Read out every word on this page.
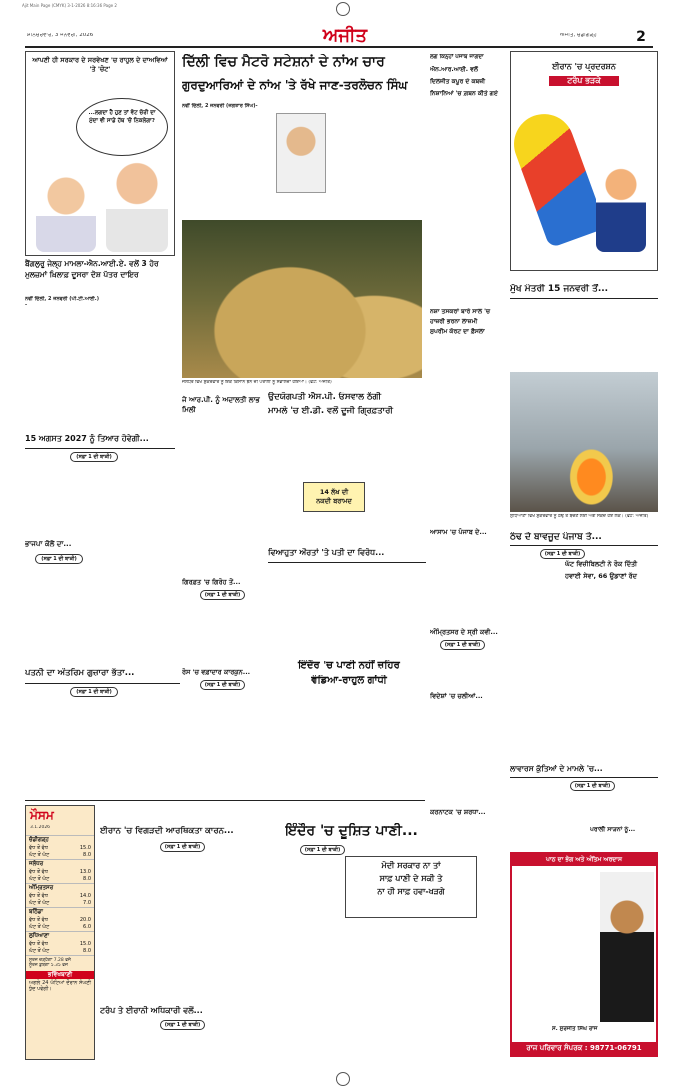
Ajit Main Page (CMYK) 3-1-2026 8:16:36 Page 2
ਸ਼ਨਿੱਚਰਵਾਰ, 3 ਜਨਵਰੀ, 2026	ਅਜੀਤ	ਅਜੀਤ, ਚੰਡੀਗੜ੍ਹ	2
ਆਪਣੀ ਹੀ ਸਰਕਾਰ ਦੇ ਸਰਵੇਖਣ 'ਚ ਰਾਹੁਲ ਦੇ ਦਾਅਵਿਆਂ 'ਤੇ 'ਚੋਟ'
...ਲਗਦਾ ਹੈ ਹੁਣ ਤਾਂ ਵੋਟ ਚੋਰੀ ਦਾ ਮੁੱਦਾ ਵੀ ਸਾਡੇ ਹੱਥ 'ਚੋਂ ਨਿਕਲੇਗਾ?
ਦਿੱਲੀ ਵਿਚ ਮੈਟਰੋ ਸਟੇਸ਼ਨਾਂ ਦੇ ਨਾਂਅ ਚਾਰ
ਗੁਰਦੁਆਰਿਆਂ ਦੇ ਨਾਂਅ 'ਤੇ ਰੱਖੇ ਜਾਣ-ਤਰਲੋਚਨ ਸਿੰਘ
ਨਵੀਂ ਦਿੱਲੀ, 2 ਜਨਵਰੀ (ਜਗਤਾਰ ਸਿੰਘ)-
ਜਲੰਧਰ ਵਿਖੇ ਸ਼ੁੱਕਰਵਾਰ ਨੂੰ ਇਕ ਕਿਸਾਨ ਝੋਨੇ ਦੀ ਪਰਾਲੀ ਨੂੰ ਸੰਭਾਲਦਾ ਹੋਇਆ। (ਫੋਟੋ: ਅਜੀਤ)
ਬੈਂਗਲੁਰੂ ਜੇਲ੍ਹ ਮਾਮਲਾ-ਐਨ.ਆਈ.ਏ. ਵਲੋਂ 3 ਹੋਰ ਮੁਲਜ਼ਮਾਂ ਖ਼ਿਲਾਫ਼ ਦੂਸਰਾ ਦੋਸ਼ ਪੱਤਰ ਦਾਇਰ
ਨਵੀਂ ਦਿੱਲੀ, 2 ਜਨਵਰੀ (ਪੀ.ਟੀ.ਆਈ.)-
15 ਅਗਸਤ 2027 ਨੂੰ ਤਿਆਰ ਹੋਵੇਗੀ...
(ਸਫ਼ਾ 1 ਦੀ ਬਾਕੀ)
ਭਾਜਪਾ ਕੋਲੋਂ ਦਾ...
(ਸਫ਼ਾ 1 ਦੀ ਬਾਕੀ)
ਪਤਨੀ ਦਾ ਅੰਤਰਿਮ ਗੁਜ਼ਾਰਾ ਭੱਤਾ...
(ਸਫ਼ਾ 1 ਦੀ ਬਾਕੀ)
ਜੇ ਆਰ.ਪੀ. ਨੂੰ ਅਦਾਲਤੀ ਲਾਭ ਮਿਲੀ
ਉਦਯੋਗਪਤੀ ਐਸ.ਪੀ. ਓਸਵਾਲ ਠੱਗੀ
ਮਾਮਲੇ 'ਚ ਈ.ਡੀ. ਵਲੋਂ ਦੂਜੀ ਗ੍ਰਿਫ਼ਤਾਰੀ
14 ਲੱਖ ਦੀ
ਨਕਦੀ ਬਰਾਮਦ
ਗਿਰਫ਼ਤ 'ਚ ਗਿਰੋਹ ਤੋਂ...
(ਸਫ਼ਾ 1 ਦੀ ਬਾਕੀ)
ਵਿਆਹੁਤਾ ਔਰਤਾਂ 'ਤੇ ਪਤੀ ਦਾ ਵਿਰੋਧ...
ਰੋਸ 'ਚ ਵਫ਼ਾਦਾਰ ਕਾਰਕੁਨ...
(ਸਫ਼ਾ 1 ਦੀ ਬਾਕੀ)
ਇੰਦੌਰ 'ਚ ਪਾਣੀ ਨਹੀਂ ਜ਼ਹਿਰ
ਵੰਡਿਆ-ਰਾਹੁਲ ਗਾਂਧੀ
ਲਗ ਕਿਨ੍ਹਾਂ ਪੰਜਾਬ ਜਾਗਦਾ
ਐਨ.ਆਰ.ਆਈ. ਵਲੋਂ
ਦਿਲਜੀਤ ਕਪੂਰ ਦੇ ਕਬਜ਼ੀ
ਨਿਸ਼ਾਨਿਆਂ 'ਚ ਗ਼ਬਨ ਕੀਤੇ ਗਏ
ਨਸ਼ਾ ਤਸਕਰਾਂ ਬਾਰੇ ਸਾਲ 'ਚ
ਹਾਜ਼ਰੀ ਭਰਨਾ ਲਾਜ਼ਮੀ
ਸੁਪਰੀਮ ਕੋਰਟ ਦਾ ਫ਼ੈਸਲਾ
ਆਸਾਮ 'ਚ ਪੰਜਾਬ ਦੇ...
ਅੰਮ੍ਰਿਤਸਰ ਦੇ ਸ੍ਰੀ ਕਵੀ...
(ਸਫ਼ਾ 1 ਦੀ ਬਾਕੀ)
ਵਿਦੇਸ਼ਾਂ 'ਚ ਚਲੀਆਂ...
ਈਰਾਨ 'ਚ ਪ੍ਰਦਰਸ਼ਨ
ਟਰੰਪ ਭੜਕੇ
ਮੁੱਖ ਮੰਤਰੀ 15 ਜਨਵਰੀ ਤੋਂ...
ਲੁਧਿਆਣਾ ਵਿਖੇ ਸ਼ੁੱਕਰਵਾਰ ਨੂੰ ਠੰਢ ਤੋਂ ਬਚਣ ਲਈ ਅੱਗ ਸੇਕਦੇ ਹੋਏ ਲੋਕ। (ਫੋਟੋ: ਅਜੀਤ)
ਠੰਢ ਦੇ ਬਾਵਜੂਦ ਪੰਜਾਬ ਤੇ...
(ਸਫ਼ਾ 1 ਦੀ ਬਾਕੀ)
ਘੱਟ ਵਿਜ਼ੀਬਿਲਟੀ ਨੇ ਰੋਕ ਦਿੱਤੀ
ਹਵਾਈ ਸੇਵਾ, 66 ਉਡਾਣਾਂ ਰੱਦ
ਲਾਵਾਰਸ ਕੁੱਤਿਆਂ ਦੇ ਮਾਮਲੇ 'ਚ...
(ਸਫ਼ਾ 1 ਦੀ ਬਾਕੀ)
ਪਰਾਲੀ ਸਾੜਨਾਂ ਨੂੰ...
ਕਰਨਾਟਕ 'ਚ ਸ਼ਰਧਾ...
ਮੌਸਮ
3.1.2026
ਚੰਡੀਗੜ੍ਹ
ਵੱਧ ਤੋਂ ਵੱਧ	15.0
ਘੱਟ ਤੋਂ ਘੱਟ	8.0
ਜਲੰਧਰ
ਵੱਧ ਤੋਂ ਵੱਧ	13.0
ਘੱਟ ਤੋਂ ਘੱਟ	8.0
ਅੰਮ੍ਰਿਤਸਰ
ਵੱਧ ਤੋਂ ਵੱਧ	14.0
ਘੱਟ ਤੋਂ ਘੱਟ	7.0
ਬਠਿੰਡਾ
ਵੱਧ ਤੋਂ ਵੱਧ	20.0
ਘੱਟ ਤੋਂ ਘੱਟ	6.0
ਲੁਧਿਆਣਾ
ਵੱਧ ਤੋਂ ਵੱਧ	15.0
ਘੱਟ ਤੋਂ ਘੱਟ	8.0
ਸੂਰਜ ਚੜ੍ਹੇਗਾ 7.28 ਵਜੇ
ਸੂਰਜ ਡੁੱਬੇਗਾ 5.35 ਵਜੇ
ਭਵਿੱਖਬਾਣੀ
ਅਗਲੇ 24 ਘੰਟਿਆਂ ਦੌਰਾਨ ਸੰਘਣੀ ਧੁੰਦ ਪਵੇਗੀ।
ਈਰਾਨ 'ਚ ਵਿਗੜਦੀ ਆਰਥਿਕਤਾ ਕਾਰਨ...
(ਸਫ਼ਾ 1 ਦੀ ਬਾਕੀ)
ਟਰੰਪ ਤੇ ਈਰਾਨੀ ਅਧਿਕਾਰੀ ਵਲੋਂ...
(ਸਫ਼ਾ 1 ਦੀ ਬਾਕੀ)
ਇੰਦੌਰ 'ਚ ਦੂਸ਼ਿਤ ਪਾਣੀ...
(ਸਫ਼ਾ 1 ਦੀ ਬਾਕੀ)
ਮੋਦੀ ਸਰਕਾਰ ਨਾ ਤਾਂ
ਸਾਫ਼ ਪਾਣੀ ਦੇ ਸਕੀ ਤੇ
ਨਾ ਹੀ ਸਾਫ਼ ਹਵਾ-ਖੜਗੇ
ਪਾਠ ਦਾ ਭੋਗ ਅਤੇ ਅੰਤਿਮ ਅਰਦਾਸ
ਸ. ਸੁਰਜੀਤ ਸਿੰਘ ਰਾਜ
ਰਾਜ ਪਰਿਵਾਰ ਸੰਪਰਕ : 98771-06791
